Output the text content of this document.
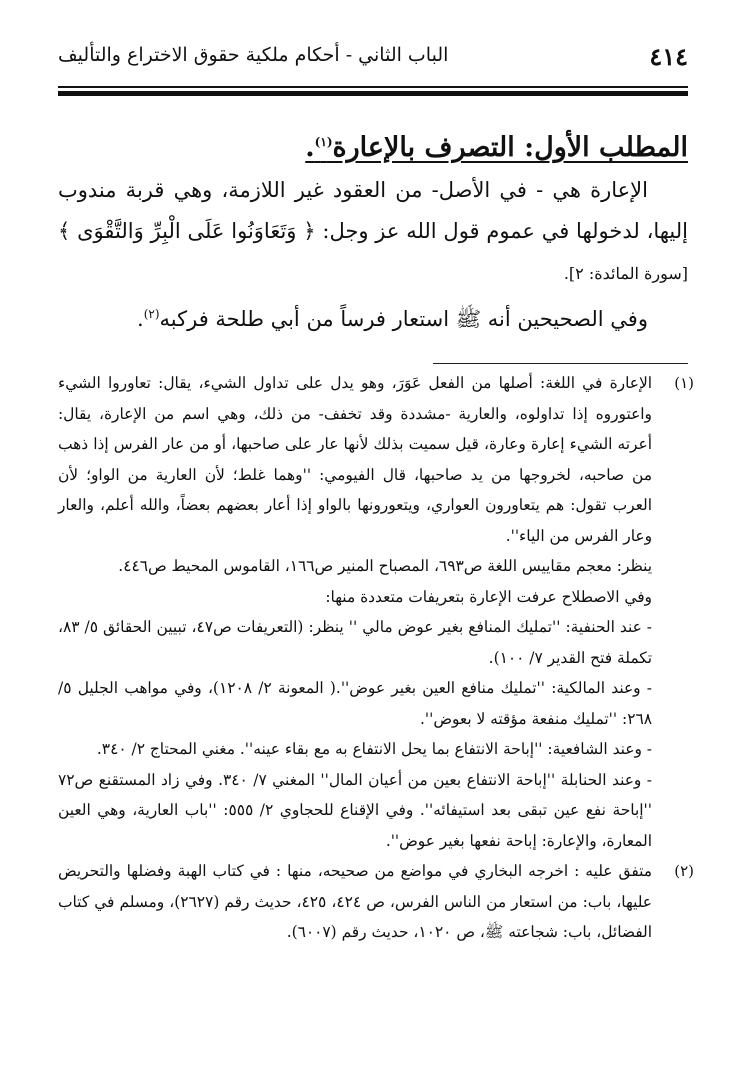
٤١٤
الباب الثاني - أحكام ملكية حقوق الاختراع والتأليف
المطلب الأول: التصرف بالإعارة$^{(١)}$.

الإعارة هي - في الأصل- من العقود غير اللازمة، وهي قربة مندوب إليها، لدخولها في عموم قول الله عز وجل: ﴿ وَتَعَاوَنُوا عَلَى الْبِرِّ وَالتَّقْوَى ﴾ [سورة المائدة: ٢].

وفي الصحيحين أنه ﷺ استعار فرساً من أبي طلحة فركبه$^{(٢)}$.

(١)

الإعارة في اللغة: أصلها من الفعل عَوَرَ، وهو يدل على تداول الشيء، يقال: تعاوروا الشيء واعتوروه إذا تداولوه، والعارية -مشددة وقد تخفف- من ذلك، وهي اسم من الإعارة، يقال: أعرته الشيء إعارة وعارة، قيل سميت بذلك لأنها عار على صاحبها، أو من عار الفرس إذا ذهب من صاحبه، لخروجها من يد صاحبها، قال الفيومي: ''وهما غلط؛ لأن العارية من الواو؛ لأن العرب تقول: هم يتعاورون العواري، ويتعورونها بالواو إذا أعار بعضهم بعضاً، والله أعلم، والعار وعار الفرس من الياء''.

ينظر: معجم مقاييس اللغة ص٦٩٣، المصباح المنير ص١٦٦، القاموس المحيط ص٤٤٦.

وفي الاصطلاح عرفت الإعارة بتعريفات متعددة منها:

- عند الحنفية: ''تمليك المنافع بغير عوض مالي '' ينظر: (التعريفات ص٤٧، تبيين الحقائق ٥/ ٨٣، تكملة فتح القدير ٧/ ١٠٠).

- وعند المالكية: ''تمليك منافع العين بغير عوض''.( المعونة ٢/ ١٢٠٨)، وفي مواهب الجليل ٥/ ٢٦٨: ''تمليك منفعة مؤقته لا بعوض''.

- وعند الشافعية: ''إباحة الانتفاع بما يحل الانتفاع به مع بقاء عينه''. مغني المحتاج ٢/ ٣٤٠.

- وعند الحنابلة ''إباحة الانتفاع بعين من أعيان المال'' المغني ٧/ ٣٤٠. وفي زاد المستقنع ص٧٢ ''إباحة نفع عين تبقى بعد استيفائه''. وفي الإقناع للحجاوي ٢/ ٥٥٥: ''باب العارية، وهي العين المعارة، والإعارة: إباحة نفعها بغير عوض''.

(٢)

متفق عليه : اخرجه البخاري في مواضع من صحيحه، منها : في كتاب الهبة وفضلها والتحريض عليها، باب: من استعار من الناس الفرس، ص ٤٢٤، ٤٢٥، حديث رقم (٢٦٢٧)، ومسلم في كتاب الفضائل، باب: شجاعته ﷺ، ص ١٠٢٠، حديث رقم (٦٠٠٧).
